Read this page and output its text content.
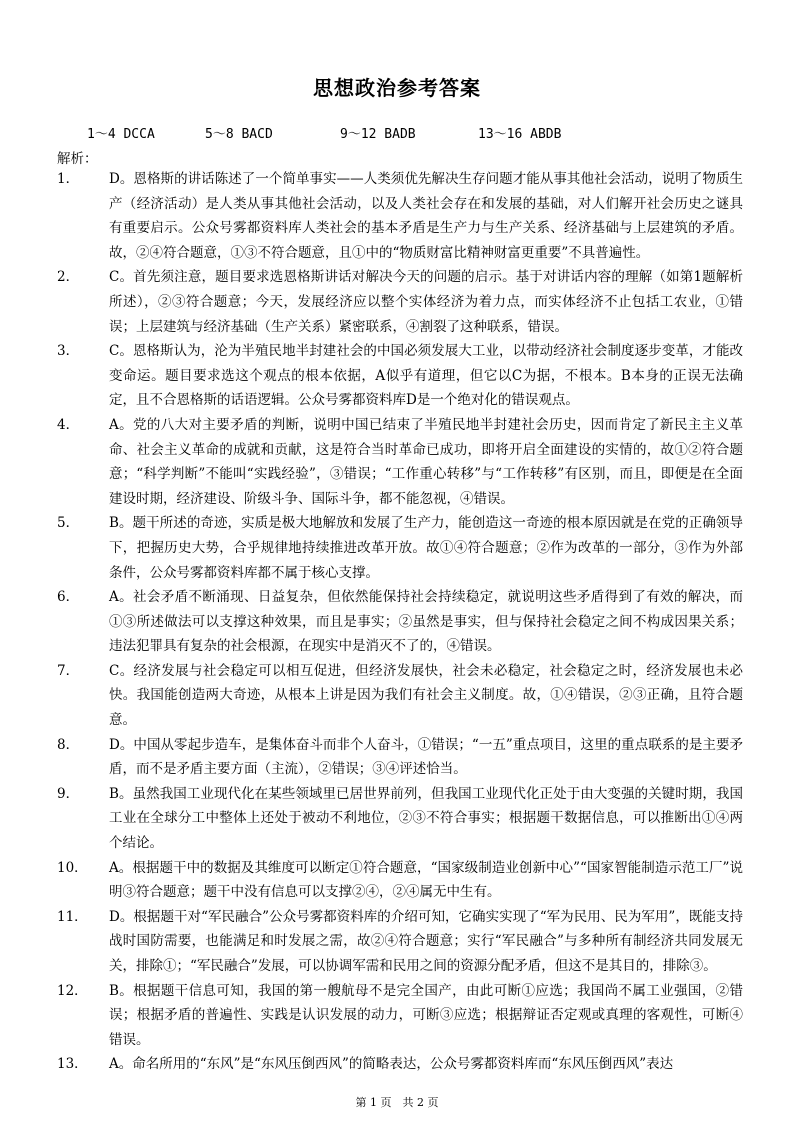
思想政治参考答案
1～4 DCCA	5～8 BACD	9～12 BADB	13～16 ABDB
解析：
1．	D。恩格斯的讲话陈述了一个简单事实——人类须优先解决生存问题才能从事其他社会活动，说明了物质生产（经济活动）是人类从事其他社会活动，以及人类社会存在和发展的基础，对人们解开社会历史之谜具有重要启示。公众号雾都资料库人类社会的基本矛盾是生产力与生产关系、经济基础与上层建筑的矛盾。故，②④符合题意，①③不符合题意，且①中的“物质财富比精神财富更重要”不具普遍性。
2．	C。首先须注意，题目要求选恩格斯讲话对解决今天的问题的启示。基于对讲话内容的理解（如第1题解析所述），②③符合题意；今天，发展经济应以整个实体经济为着力点，而实体经济不止包括工农业，①错误；上层建筑与经济基础（生产关系）紧密联系，④割裂了这种联系，错误。
3．	C。恩格斯认为，沦为半殖民地半封建社会的中国必须发展大工业，以带动经济社会制度逐步变革，才能改变命运。题目要求选这个观点的根本依据，A似乎有道理，但它以C为据，不根本。B本身的正误无法确定，且不合恩格斯的话语逻辑。公众号雾都资料库D是一个绝对化的错误观点。
4．	A。党的八大对主要矛盾的判断，说明中国已结束了半殖民地半封建社会历史，因而肯定了新民主主义革命、社会主义革命的成就和贡献，这是符合当时革命已成功，即将开启全面建设的实情的，故①②符合题意；“科学判断”不能叫“实践经验”，③错误；“工作重心转移”与“工作转移”有区别，而且，即便是在全面建设时期，经济建设、阶级斗争、国际斗争，都不能忽视，④错误。
5．	B。题干所述的奇迹，实质是极大地解放和发展了生产力，能创造这一奇迹的根本原因就是在党的正确领导下，把握历史大势，合乎规律地持续推进改革开放。故①④符合题意；②作为改革的一部分，③作为外部条件，公众号雾都资料库都不属于核心支撑。
6．	A。社会矛盾不断涌现、日益复杂，但依然能保持社会持续稳定，就说明这些矛盾得到了有效的解决，而①③所述做法可以支撑这种效果，而且是事实；②虽然是事实，但与保持社会稳定之间不构成因果关系；违法犯罪具有复杂的社会根源，在现实中是消灭不了的，④错误。
7．	C。经济发展与社会稳定可以相互促进，但经济发展快，社会未必稳定，社会稳定之时，经济发展也未必快。我国能创造两大奇迹，从根本上讲是因为我们有社会主义制度。故，①④错误，②③正确，且符合题意。
8．	D。中国从零起步造车，是集体奋斗而非个人奋斗，①错误；“一五”重点项目，这里的重点联系的是主要矛盾，而不是矛盾主要方面（主流），②错误；③④评述恰当。
9．	B。虽然我国工业现代化在某些领域里已居世界前列，但我国工业现代化正处于由大变强的关键时期，我国工业在全球分工中整体上还处于被动不利地位，②③不符合事实；根据题干数据信息，可以推断出①④两个结论。
10．	A。根据题干中的数据及其维度可以断定①符合题意，“国家级制造业创新中心”“国家智能制造示范工厂”说明③符合题意；题干中没有信息可以支撑②④，②④属无中生有。
11．	D。根据题干对“军民融合”公众号雾都资料库的介绍可知，它确实实现了“军为民用、民为军用”，既能支持战时国防需要，也能满足和时发展之需，故②④符合题意；实行“军民融合”与多种所有制经济共同发展无关，排除①；“军民融合”发展，可以协调军需和民用之间的资源分配矛盾，但这不是其目的，排除③。
12．	B。根据题干信息可知，我国的第一艘航母不是完全国产，由此可断①应选；我国尚不属工业强国，②错误；根据矛盾的普遍性、实践是认识发展的动力，可断③应选；根据辩证否定观或真理的客观性，可断④错误。
13．	A。命名所用的“东风”是“东风压倒西风”的简略表达，公众号雾都资料库而“东风压倒西风”表达
第 1 页　共 2 页
